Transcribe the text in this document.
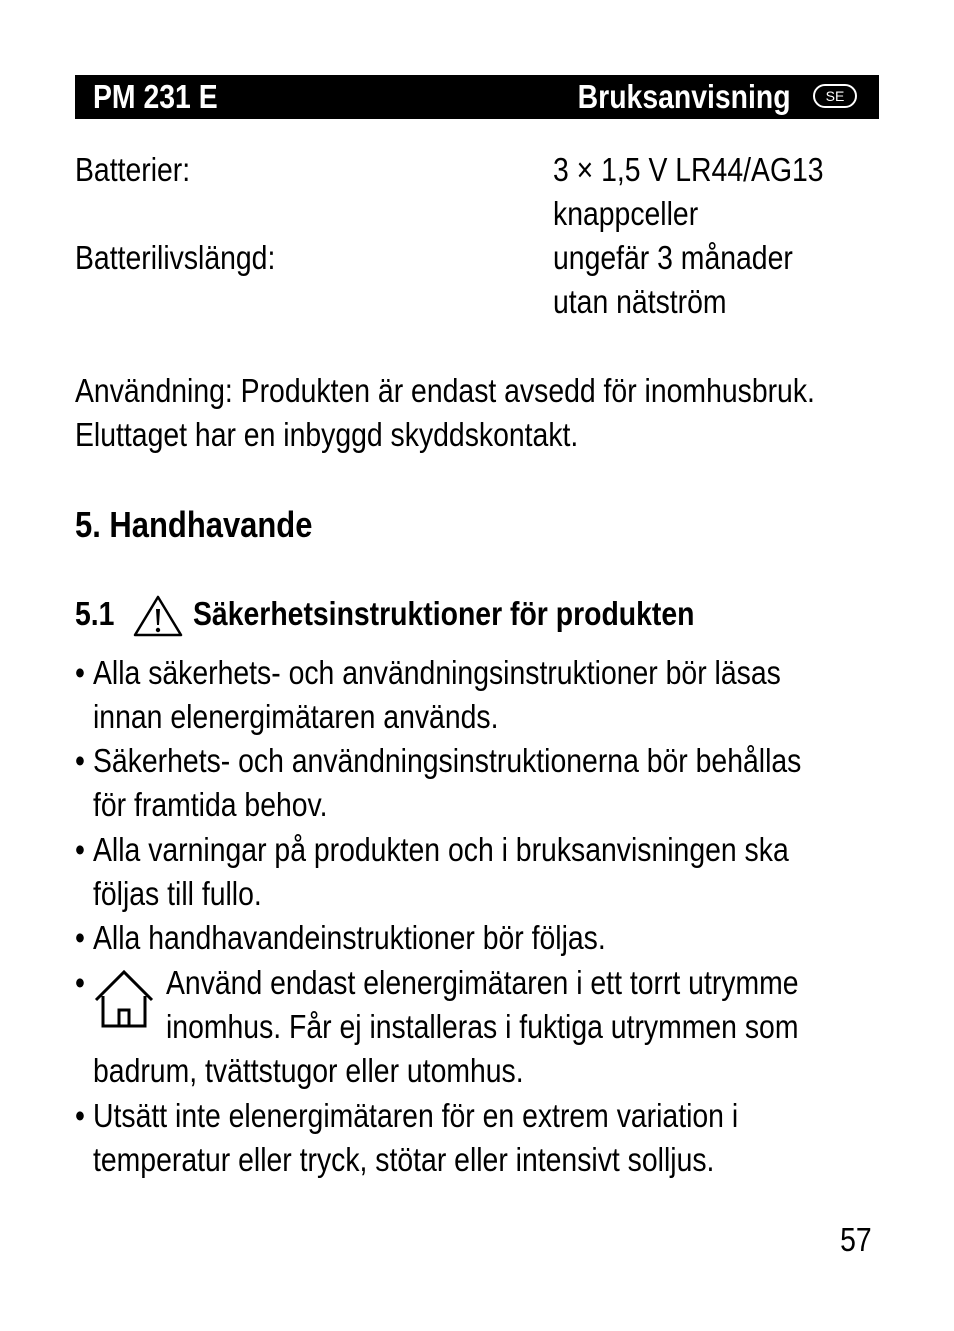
PM 231 E	Bruksanvisning	SE
Batterier:	3 × 1,5 V LR44/AG13
knappceller
Batterilivslängd:	ungefär 3 månader
utan nätström
Användning: Produkten är endast avsedd för inomhusbruk.
Eluttaget har en inbyggd skyddskontakt.
5. Handhavande
5.1 Säkerhetsinstruktioner för produkten
• Alla säkerhets- och användningsinstruktioner bör läsas
innan elenergimätaren används.
• Säkerhets- och användningsinstruktionerna bör behållas
för framtida behov.
• Alla varningar på produkten och i bruksanvisningen ska
följas till fullo.
• Alla handhavandeinstruktioner bör följas.
• Använd endast elenergimätaren i ett torrt utrymme
inomhus. Får ej installeras i fuktiga utrymmen som
badrum, tvättstugor eller utomhus.
• Utsätt inte elenergimätaren för en extrem variation i
temperatur eller tryck, stötar eller intensivt solljus.
57
